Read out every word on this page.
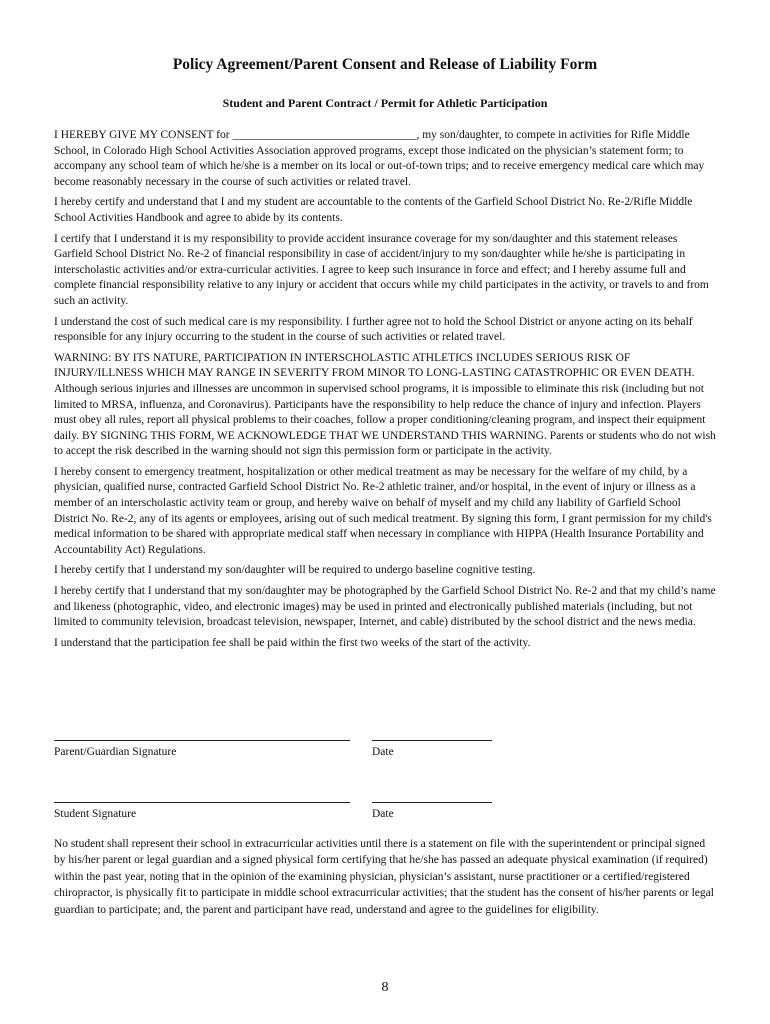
Policy Agreement/Parent Consent and Release of Liability Form
Student and Parent Contract / Permit for Athletic Participation

I HEREBY GIVE MY CONSENT for ________________________________, my son/daughter, to compete in activities for Rifle Middle School, in Colorado High School Activities Association approved programs, except those indicated on the physician’s statement form; to accompany any school team of which he/she is a member on its local or out-of-town trips; and to receive emergency medical care which may become reasonably necessary in the course of such activities or related travel.

I hereby certify and understand that I and my student are accountable to the contents of the Garfield School District No. Re-2/Rifle Middle School Activities Handbook and agree to abide by its contents.

I certify that I understand it is my responsibility to provide accident insurance coverage for my son/daughter and this statement releases Garfield School District No. Re-2 of financial responsibility in case of accident/injury to my son/daughter while he/she is participating in interscholastic activities and/or extra-curricular activities. I agree to keep such insurance in force and effect; and I hereby assume full and complete financial responsibility relative to any injury or accident that occurs while my child participates in the activity, or travels to and from such an activity.

I understand the cost of such medical care is my responsibility. I further agree not to hold the School District or anyone acting on its behalf responsible for any injury occurring to the student in the course of such activities or related travel.

WARNING: BY ITS NATURE, PARTICIPATION IN INTERSCHOLASTIC ATHLETICS INCLUDES SERIOUS RISK OF INJURY/ILLNESS WHICH MAY RANGE IN SEVERITY FROM MINOR TO LONG-LASTING CATASTROPHIC OR EVEN DEATH. Although serious injuries and illnesses are uncommon in supervised school programs, it is impossible to eliminate this risk (including but not limited to MRSA, influenza, and Coronavirus). Participants have the responsibility to help reduce the chance of injury and infection. Players must obey all rules, report all physical problems to their coaches, follow a proper conditioning/cleaning program, and inspect their equipment daily. BY SIGNING THIS FORM, WE ACKNOWLEDGE THAT WE UNDERSTAND THIS WARNING. Parents or students who do not wish to accept the risk described in the warning should not sign this permission form or participate in the activity.

I hereby consent to emergency treatment, hospitalization or other medical treatment as may be necessary for the welfare of my child, by a physician, qualified nurse, contracted Garfield School District No. Re-2 athletic trainer, and/or hospital, in the event of injury or illness as a member of an interscholastic activity team or group, and hereby waive on behalf of myself and my child any liability of Garfield School District No. Re-2, any of its agents or employees, arising out of such medical treatment. By signing this form, I grant permission for my child's medical information to be shared with appropriate medical staff when necessary in compliance with HIPPA (Health Insurance Portability and Accountability Act) Regulations.

I hereby certify that I understand my son/daughter will be required to undergo baseline cognitive testing.

I hereby certify that I understand that my son/daughter may be photographed by the Garfield School District No. Re-2 and that my child’s name and likeness (photographic, video, and electronic images) may be used in printed and electronically published materials (including, but not limited to community television, broadcast television, newspaper, Internet, and cable) distributed by the school district and the news media.

I understand that the participation fee shall be paid within the first two weeks of the start of the activity.

Parent/Guardian Signature	Date
Student Signature	Date

No student shall represent their school in extracurricular activities until there is a statement on file with the superintendent or principal signed by his/her parent or legal guardian and a signed physical form certifying that he/she has passed an adequate physical examination (if required) within the past year, noting that in the opinion of the examining physician, physician’s assistant, nurse practitioner or a certified/registered chiropractor, is physically fit to participate in middle school extracurricular activities; that the student has the consent of his/her parents or legal guardian to participate; and, the parent and participant have read, understand and agree to the guidelines for eligibility.

8
